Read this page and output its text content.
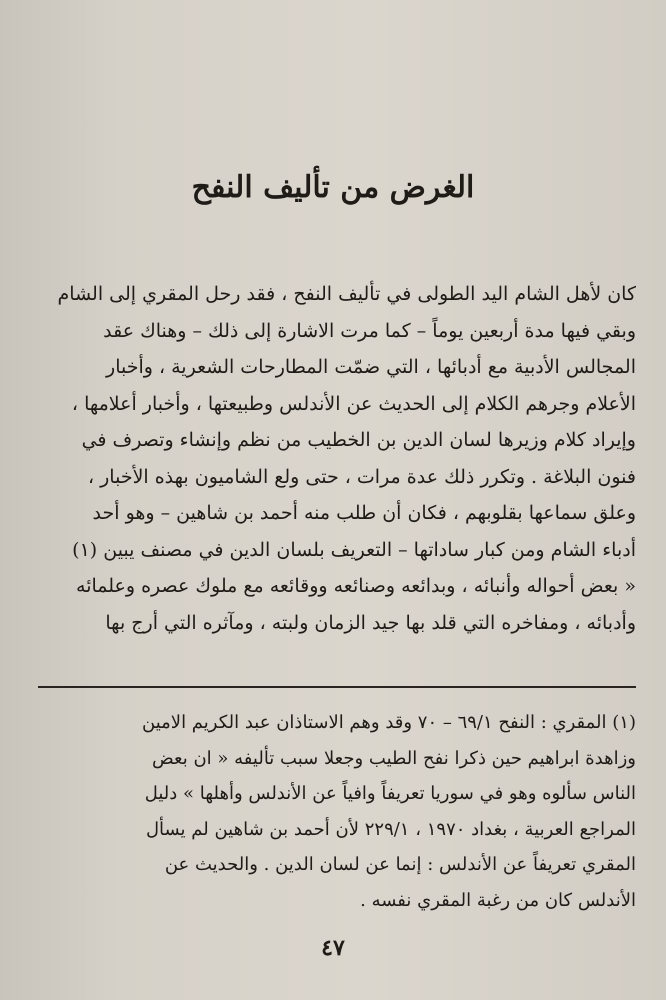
الغرض من تأليف النفح
كان لأهل الشام اليد الطولى في تأليف النفح ، فقد رحل المقري إلى الشام
وبقي فيها مدة أربعين يوماً – كما مرت الاشارة إلى ذلك – وهناك عقد
المجالس الأدبية مع أدبائها ، التي ضمّت المطارحات الشعرية ، وأخبار
الأعلام وجرهم الكلام إلى الحديث عن الأندلس وطبيعتها ، وأخبار أعلامها ،
وإيراد كلام وزيرها لسان الدين بن الخطيب من نظم وإنشاء وتصرف في
فنون البلاغة . وتكرر ذلك عدة مرات ، حتى ولع الشاميون بهذه الأخبار ،
وعلق سماعها بقلوبهم ، فكان أن طلب منه أحمد بن شاهين – وهو أحد
أدباء الشام ومن كبار ساداتها – التعريف بلسان الدين في مصنف يبين (١)
« بعض أحواله وأنبائه ، وبدائعه وصنائعه ووقائعه مع ملوك عصره وعلمائه
وأدبائه ، ومفاخره التي قلد بها جيد الزمان ولبته ، ومآثره التي أرج بها
(١) المقري : النفح ٦٩/١ – ٧٠ وقد وهم الاستاذان عبد الكريم الامين
وزاهدة ابراهيم حين ذكرا نفح الطيب وجعلا سبب تأليفه « ان بعض
الناس سألوه وهو في سوريا تعريفاً وافياً عن الأندلس وأهلها » دليل
المراجع العربية ، بغداد ١٩٧٠ ، ٢٢٩/١ لأن أحمد بن شاهين لم يسأل
المقري تعريفاً عن الأندلس : إنما عن لسان الدين . والحديث عن
الأندلس كان من رغبة المقري نفسه .
٤٧
